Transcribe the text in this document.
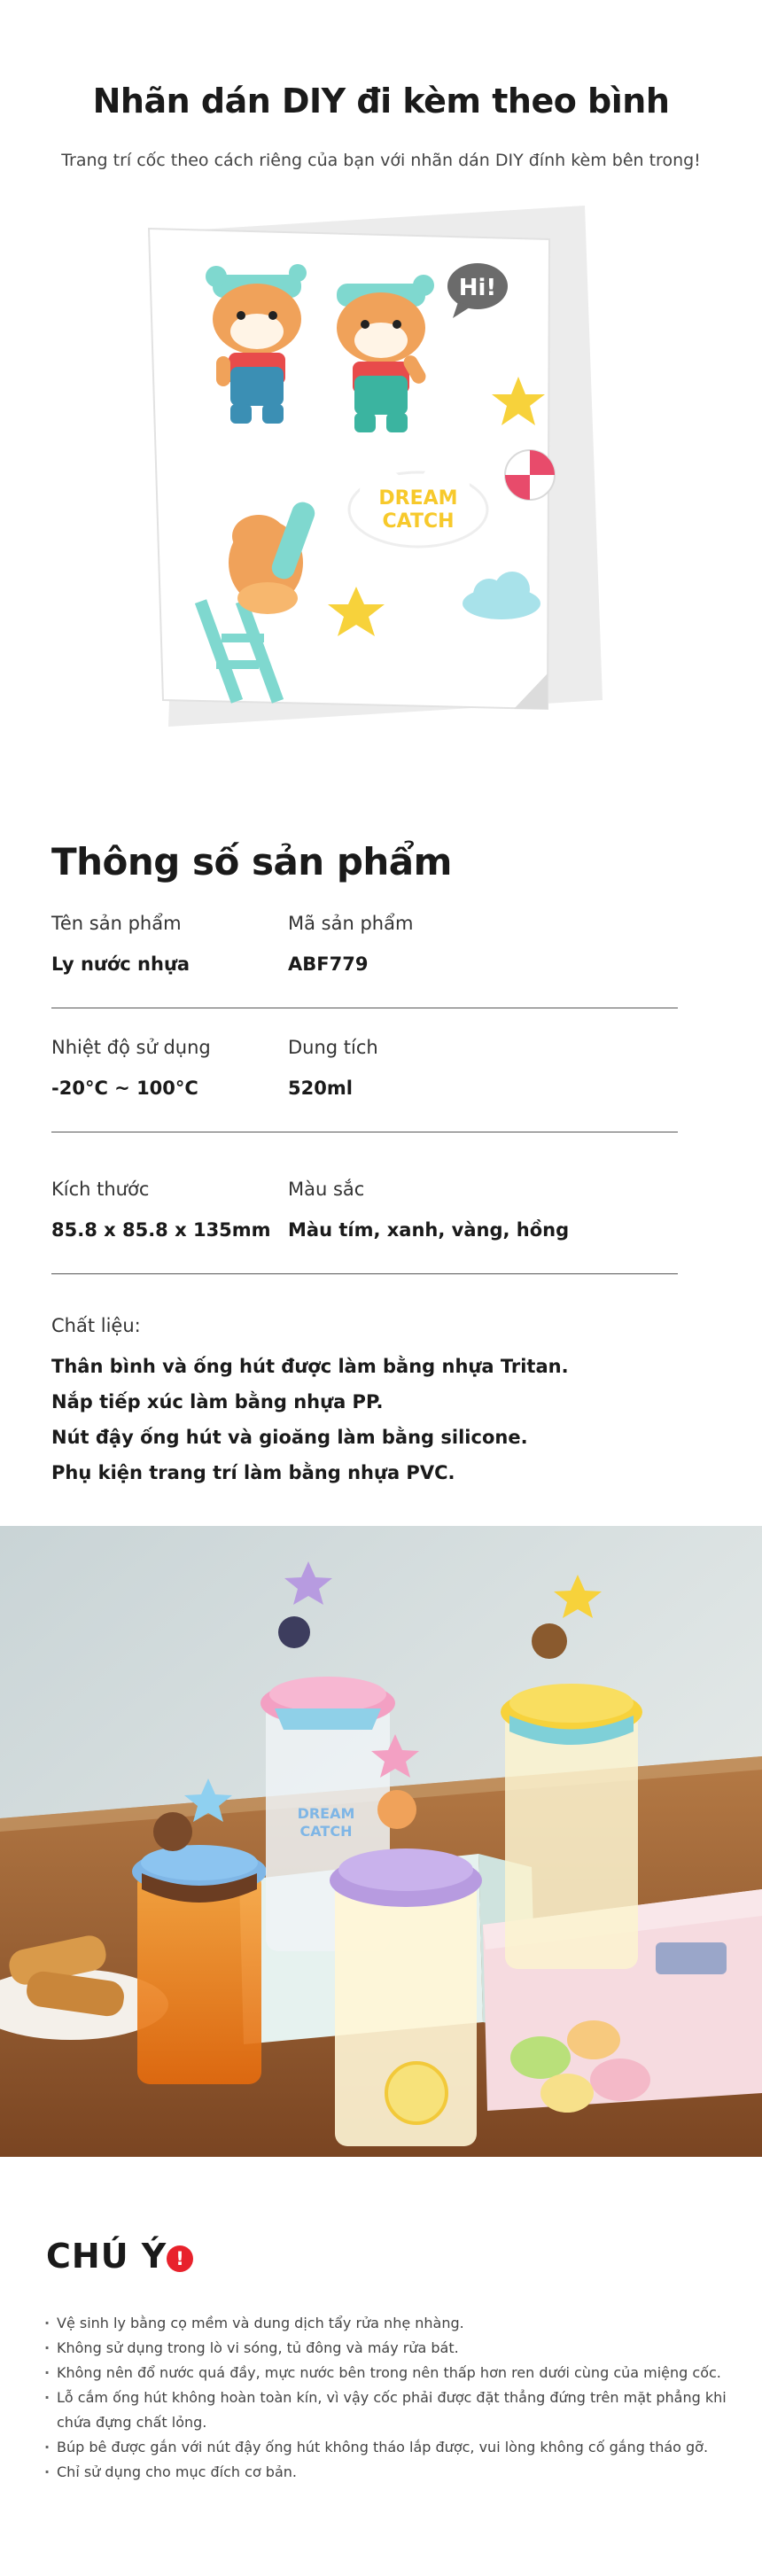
Nhãn dán DIY đi kèm theo bình

Trang trí cốc theo cách riêng của bạn với nhãn dán DIY đính kèm bên trong!

Hi!
DREAM
CATCH
Thông số sản phẩm
Tên sản phẩm
Ly nước nhựa
Mã sản phẩm
ABF779
Nhiệt độ sử dụng
-20°C ~ 100°C
Dung tích
520ml
Kích thước
85.8 x 85.8 x 135mm
Màu sắc
Màu tím, xanh, vàng, hồng
Chất liệu:
Thân bình và ống hút được làm bằng nhựa Tritan.
Nắp tiếp xúc làm bằng nhựa PP.
Nút đậy ống hút và gioăng làm bằng silicone.
Phụ kiện trang trí làm bằng nhựa PVC.
DREAM
CATCH
CHÚ Ý !
· Vệ sinh ly bằng cọ mềm và dung dịch tẩy rửa nhẹ nhàng.
· Không sử dụng trong lò vi sóng, tủ đông và máy rửa bát.
· Không nên đổ nước quá đầy, mực nước bên trong nên thấp hơn ren dưới cùng của miệng cốc.
· Lỗ cắm ống hút không hoàn toàn kín, vì vậy cốc phải được đặt thẳng đứng trên mặt phẳng khi chứa đựng chất lỏng.
· Búp bê được gắn với nút đậy ống hút không tháo lắp được, vui lòng không cố gắng tháo gỡ.
· Chỉ sử dụng cho mục đích cơ bản.
